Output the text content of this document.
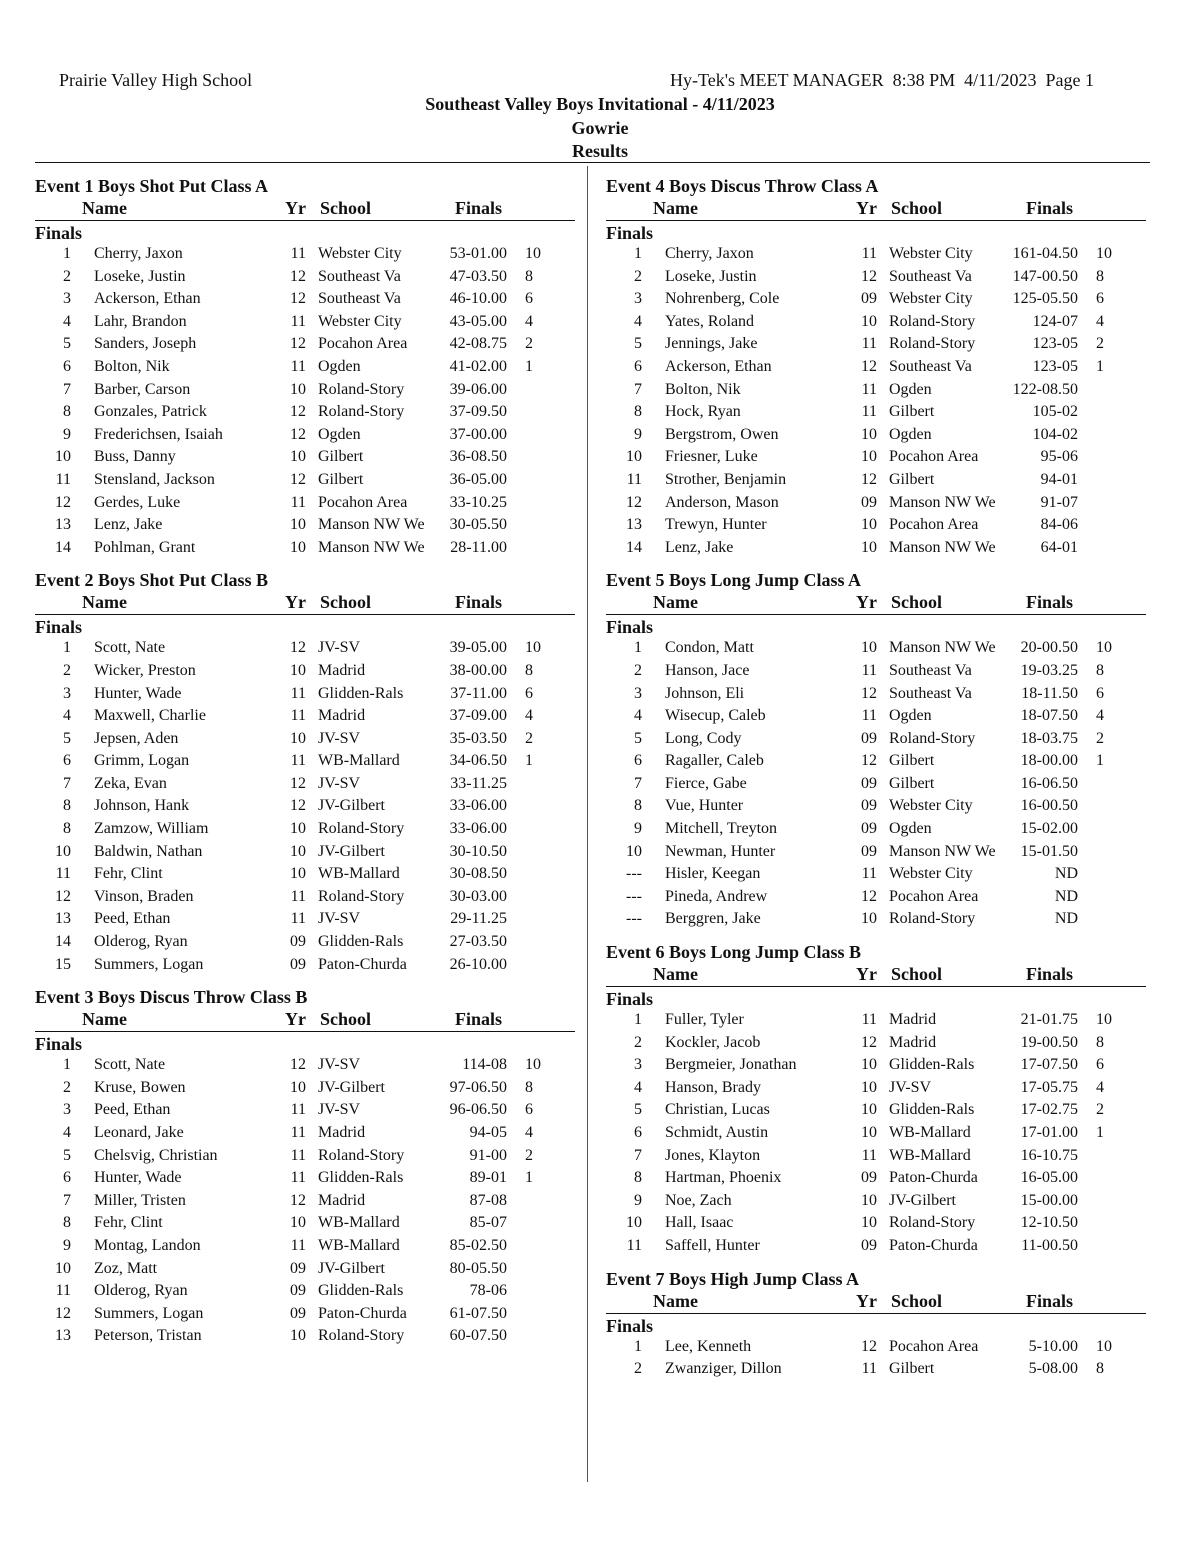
Prairie Valley High School	Hy-Tek's MEET MANAGER  8:38 PM  4/11/2023  Page 1
Southeast Valley Boys Invitational - 4/11/2023
Gowrie
Results
Event 1 Boys Shot Put Class A
Name	Yr School	Finals
Finals
1 Cherry, Jaxon	11 Webster City	53-01.00 10
2 Loseke, Justin	12 Southeast Va	47-03.50 8
3 Ackerson, Ethan	12 Southeast Va	46-10.00 6
4 Lahr, Brandon	11 Webster City	43-05.00 4
5 Sanders, Joseph	12 Pocahon Area	42-08.75 2
6 Bolton, Nik	11 Ogden	41-02.00 1
7 Barber, Carson	10 Roland-Story	39-06.00
8 Gonzales, Patrick	12 Roland-Story	37-09.50
9 Frederichsen, Isaiah	12 Ogden	37-00.00
10 Buss, Danny	10 Gilbert	36-08.50
11 Stensland, Jackson	12 Gilbert	36-05.00
12 Gerdes, Luke	11 Pocahon Area	33-10.25
13 Lenz, Jake	10 Manson NW We	30-05.50
14 Pohlman, Grant	10 Manson NW We	28-11.00
Event 2 Boys Shot Put Class B
Name	Yr School	Finals
Finals
1 Scott, Nate	12 JV-SV	39-05.00 10
2 Wicker, Preston	10 Madrid	38-00.00 8
3 Hunter, Wade	11 Glidden-Rals	37-11.00 6
4 Maxwell, Charlie	11 Madrid	37-09.00 4
5 Jepsen, Aden	10 JV-SV	35-03.50 2
6 Grimm, Logan	11 WB-Mallard	34-06.50 1
7 Zeka, Evan	12 JV-SV	33-11.25
8 Johnson, Hank	12 JV-Gilbert	33-06.00
8 Zamzow, William	10 Roland-Story	33-06.00
10 Baldwin, Nathan	10 JV-Gilbert	30-10.50
11 Fehr, Clint	10 WB-Mallard	30-08.50
12 Vinson, Braden	11 Roland-Story	30-03.00
13 Peed, Ethan	11 JV-SV	29-11.25
14 Olderog, Ryan	09 Glidden-Rals	27-03.50
15 Summers, Logan	09 Paton-Churda	26-10.00
Event 3 Boys Discus Throw Class B
Name	Yr School	Finals
Finals
1 Scott, Nate	12 JV-SV	114-08 10
2 Kruse, Bowen	10 JV-Gilbert	97-06.50 8
3 Peed, Ethan	11 JV-SV	96-06.50 6
4 Leonard, Jake	11 Madrid	94-05 4
5 Chelsvig, Christian	11 Roland-Story	91-00 2
6 Hunter, Wade	11 Glidden-Rals	89-01 1
7 Miller, Tristen	12 Madrid	87-08
8 Fehr, Clint	10 WB-Mallard	85-07
9 Montag, Landon	11 WB-Mallard	85-02.50
10 Zoz, Matt	09 JV-Gilbert	80-05.50
11 Olderog, Ryan	09 Glidden-Rals	78-06
12 Summers, Logan	09 Paton-Churda	61-07.50
13 Peterson, Tristan	10 Roland-Story	60-07.50
Event 4 Boys Discus Throw Class A
Name	Yr School	Finals
Finals
1 Cherry, Jaxon	11 Webster City	161-04.50 10
2 Loseke, Justin	12 Southeast Va	147-00.50 8
3 Nohrenberg, Cole	09 Webster City	125-05.50 6
4 Yates, Roland	10 Roland-Story	124-07 4
5 Jennings, Jake	11 Roland-Story	123-05 2
6 Ackerson, Ethan	12 Southeast Va	123-05 1
7 Bolton, Nik	11 Ogden	122-08.50
8 Hock, Ryan	11 Gilbert	105-02
9 Bergstrom, Owen	10 Ogden	104-02
10 Friesner, Luke	10 Pocahon Area	95-06
11 Strother, Benjamin	12 Gilbert	94-01
12 Anderson, Mason	09 Manson NW We	91-07
13 Trewyn, Hunter	10 Pocahon Area	84-06
14 Lenz, Jake	10 Manson NW We	64-01
Event 5 Boys Long Jump Class A
Name	Yr School	Finals
Finals
1 Condon, Matt	10 Manson NW We	20-00.50 10
2 Hanson, Jace	11 Southeast Va	19-03.25 8
3 Johnson, Eli	12 Southeast Va	18-11.50 6
4 Wisecup, Caleb	11 Ogden	18-07.50 4
5 Long, Cody	09 Roland-Story	18-03.75 2
6 Ragaller, Caleb	12 Gilbert	18-00.00 1
7 Fierce, Gabe	09 Gilbert	16-06.50
8 Vue, Hunter	09 Webster City	16-00.50
9 Mitchell, Treyton	09 Ogden	15-02.00
10 Newman, Hunter	09 Manson NW We	15-01.50
--- Hisler, Keegan	11 Webster City	ND
--- Pineda, Andrew	12 Pocahon Area	ND
--- Berggren, Jake	10 Roland-Story	ND
Event 6 Boys Long Jump Class B
Name	Yr School	Finals
Finals
1 Fuller, Tyler	11 Madrid	21-01.75 10
2 Kockler, Jacob	12 Madrid	19-00.50 8
3 Bergmeier, Jonathan	10 Glidden-Rals	17-07.50 6
4 Hanson, Brady	10 JV-SV	17-05.75 4
5 Christian, Lucas	10 Glidden-Rals	17-02.75 2
6 Schmidt, Austin	10 WB-Mallard	17-01.00 1
7 Jones, Klayton	11 WB-Mallard	16-10.75
8 Hartman, Phoenix	09 Paton-Churda	16-05.00
9 Noe, Zach	10 JV-Gilbert	15-00.00
10 Hall, Isaac	10 Roland-Story	12-10.50
11 Saffell, Hunter	09 Paton-Churda	11-00.50
Event 7 Boys High Jump Class A
Name	Yr School	Finals
Finals
1 Lee, Kenneth	12 Pocahon Area	5-10.00 10
2 Zwanziger, Dillon	11 Gilbert	5-08.00 8
